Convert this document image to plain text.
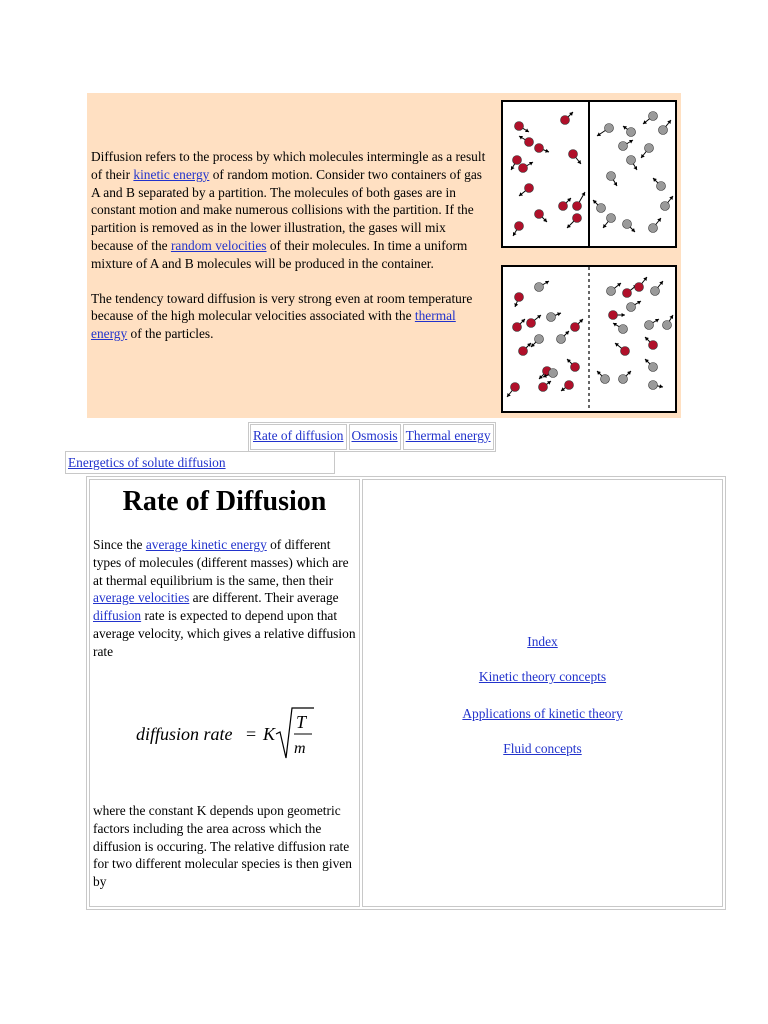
Diffusion refers to the process by which molecules intermingle as a result of their kinetic energy of random motion. Consider two containers of gas A and B separated by a partition. The molecules of both gases are in constant motion and make numerous collisions with the partition. If the partition is removed as in the lower illustration, the gases will mix because of the random velocities of their molecules. In time a uniform mixture of A and B molecules will be produced in the container.

The tendency toward diffusion is very strong even at room temperature because of the high molecular velocities associated with the thermal energy of the particles.

Rate of diffusion Osmosis Thermal energy
Energetics of solute diffusion
Rate of Diffusion

Since the average kinetic energy of different types of molecules (different masses) which are at thermal equilibrium is the same, then their average velocities are different. Their average diffusion rate is expected to depend upon that average velocity, which gives a relative diffusion rate

diffusion rate = K
T
m

where the constant K depends upon geometric factors including the area across which the diffusion is occuring. The relative diffusion rate for two different molecular species is then given by

Index
Kinetic theory concepts
Applications of kinetic theory
Fluid concepts
